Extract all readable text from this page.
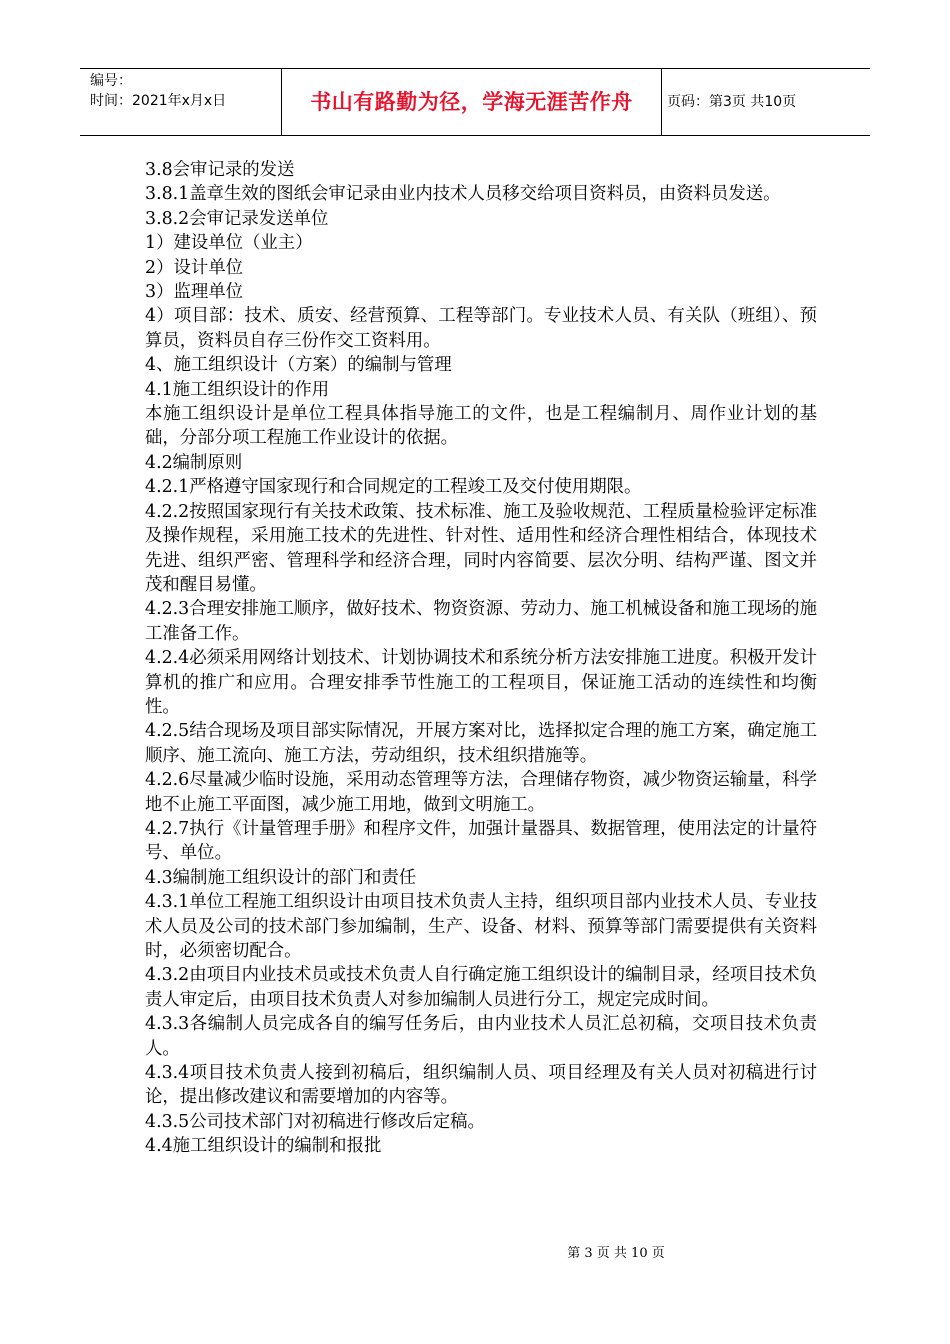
编号：
时间：2021年x月x日	书山有路勤为径，学海无涯苦作舟	页码：第3页 共10页

3.8会审记录的发送

3.8.1盖章生效的图纸会审记录由业内技术人员移交给项目资料员，由资料员发送。

3.8.2会审记录发送单位

1）建设单位（业主）

2）设计单位

3）监理单位

4）项目部：技术、质安、经营预算、工程等部门。专业技术人员、有关队（班组）、预算员，资料员自存三份作交工资料用。

4、施工组织设计（方案）的编制与管理

4.1施工组织设计的作用

本施工组织设计是单位工程具体指导施工的文件，也是工程编制月、周作业计划的基础，分部分项工程施工作业设计的依据。

4.2编制原则

4.2.1严格遵守国家现行和合同规定的工程竣工及交付使用期限。

4.2.2按照国家现行有关技术政策、技术标准、施工及验收规范、工程质量检验评定标准及操作规程，采用施工技术的先进性、针对性、适用性和经济合理性相结合，体现技术先进、组织严密、管理科学和经济合理，同时内容简要、层次分明、结构严谨、图文并茂和醒目易懂。

4.2.3合理安排施工顺序，做好技术、物资资源、劳动力、施工机械设备和施工现场的施工准备工作。

4.2.4必须采用网络计划技术、计划协调技术和系统分析方法安排施工进度。积极开发计算机的推广和应用。合理安排季节性施工的工程项目，保证施工活动的连续性和均衡性。

4.2.5结合现场及项目部实际情况，开展方案对比，选择拟定合理的施工方案，确定施工顺序、施工流向、施工方法，劳动组织，技术组织措施等。

4.2.6尽量减少临时设施，采用动态管理等方法，合理储存物资，减少物资运输量，科学地不止施工平面图，减少施工用地，做到文明施工。

4.2.7执行《计量管理手册》和程序文件，加强计量器具、数据管理，使用法定的计量符号、单位。

4.3编制施工组织设计的部门和责任

4.3.1单位工程施工组织设计由项目技术负责人主持，组织项目部内业技术人员、专业技术人员及公司的技术部门参加编制，生产、设备、材料、预算等部门需要提供有关资料时，必须密切配合。

4.3.2由项目内业技术员或技术负责人自行确定施工组织设计的编制目录，经项目技术负责人审定后，由项目技术负责人对参加编制人员进行分工，规定完成时间。

4.3.3各编制人员完成各自的编写任务后，由内业技术人员汇总初稿，交项目技术负责人。

4.3.4项目技术负责人接到初稿后，组织编制人员、项目经理及有关人员对初稿进行讨论，提出修改建议和需要增加的内容等。

4.3.5公司技术部门对初稿进行修改后定稿。

4.4施工组织设计的编制和报批

第 3 页 共 10 页
